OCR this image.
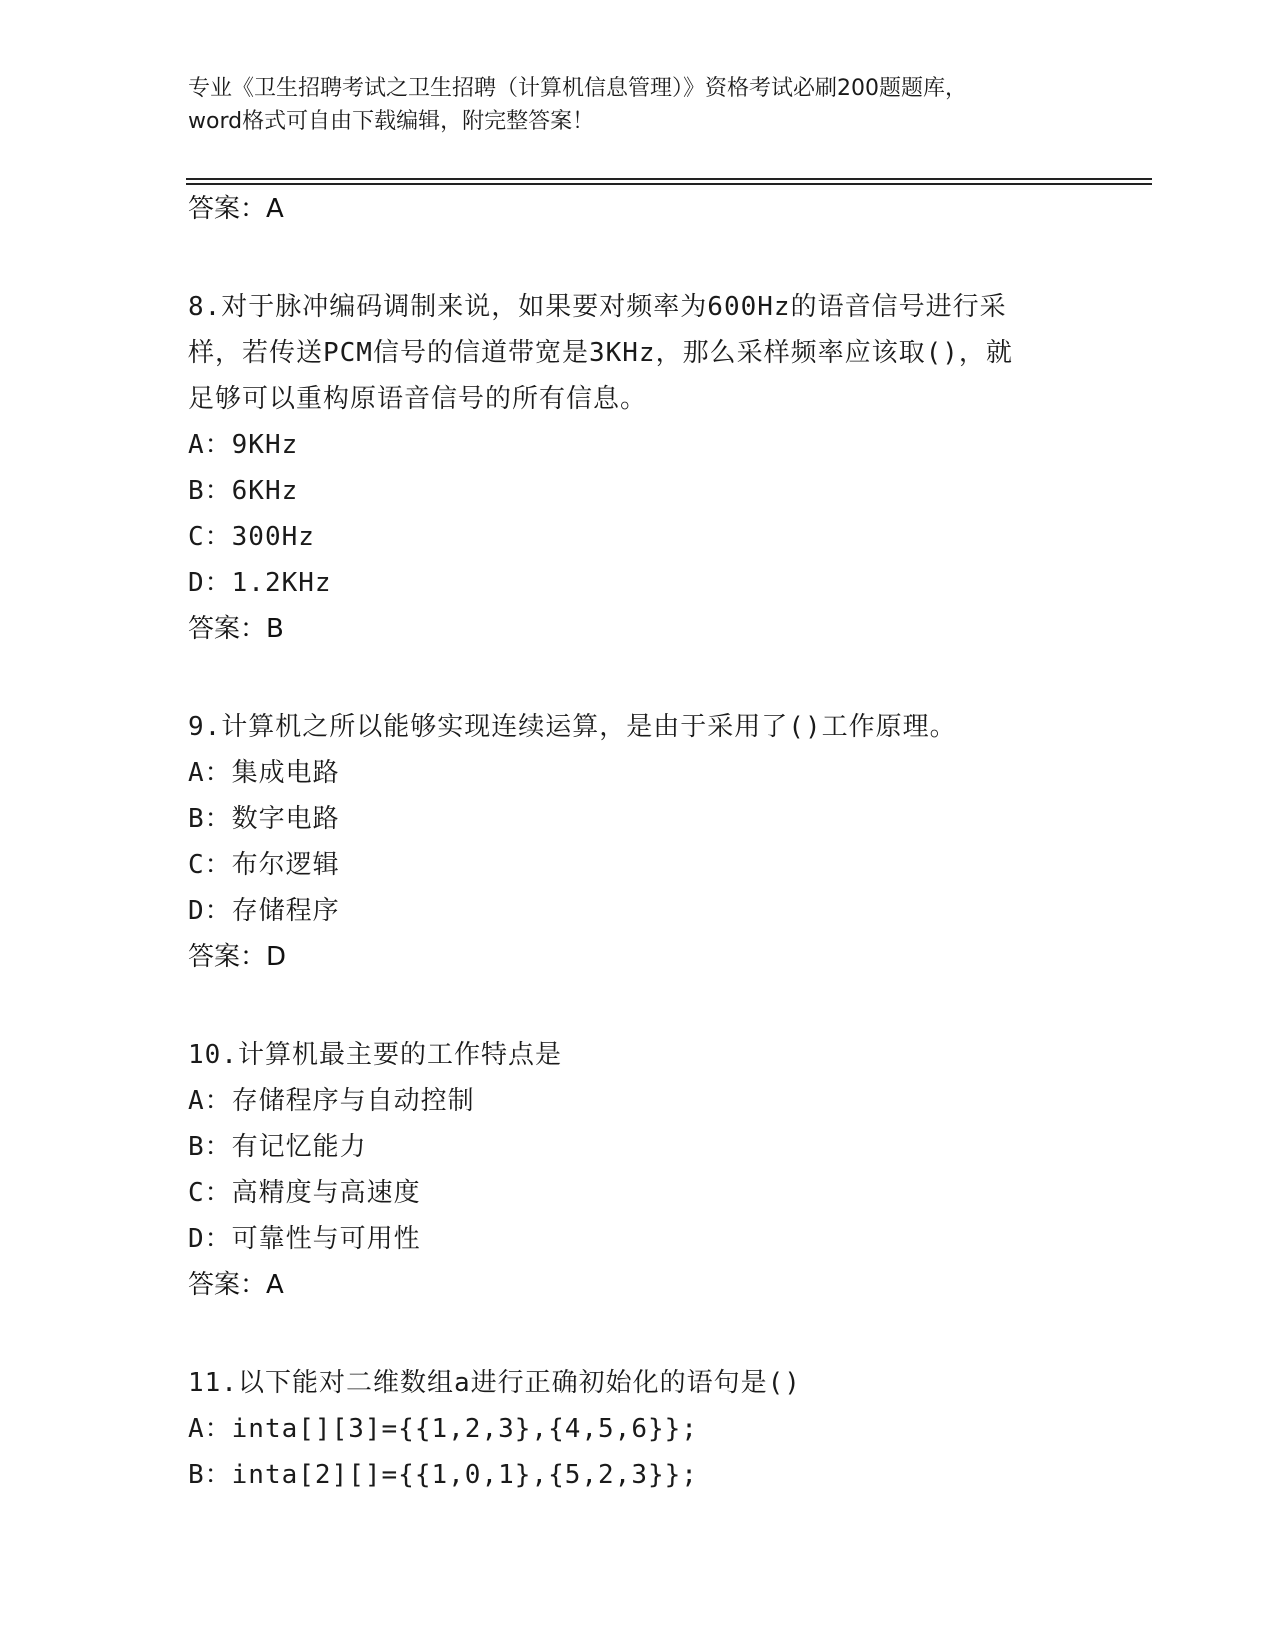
专业《卫生招聘考试之卫生招聘（计算机信息管理）》资格考试必刷200题题库，
word格式可自由下载编辑，附完整答案！

答案：A

8.对于脉冲编码调制来说，如果要对频率为600Hz的语音信号进行采

样，若传送PCM信号的信道带宽是3KHz，那么采样频率应该取()，就

足够可以重构原语音信号的所有信息。

A：9KHz

B：6KHz

C：300Hz

D：1.2KHz

答案：B

9.计算机之所以能够实现连续运算，是由于采用了()工作原理。

A：集成电路

B：数字电路

C：布尔逻辑

D：存储程序

答案：D

10.计算机最主要的工作特点是

A：存储程序与自动控制

B：有记忆能力

C：高精度与高速度

D：可靠性与可用性

答案：A

11.以下能对二维数组a进行正确初始化的语句是()

A：inta[][3]={{1,2,3},{4,5,6}};

B：inta[2][]={{1,0,1},{5,2,3}};
